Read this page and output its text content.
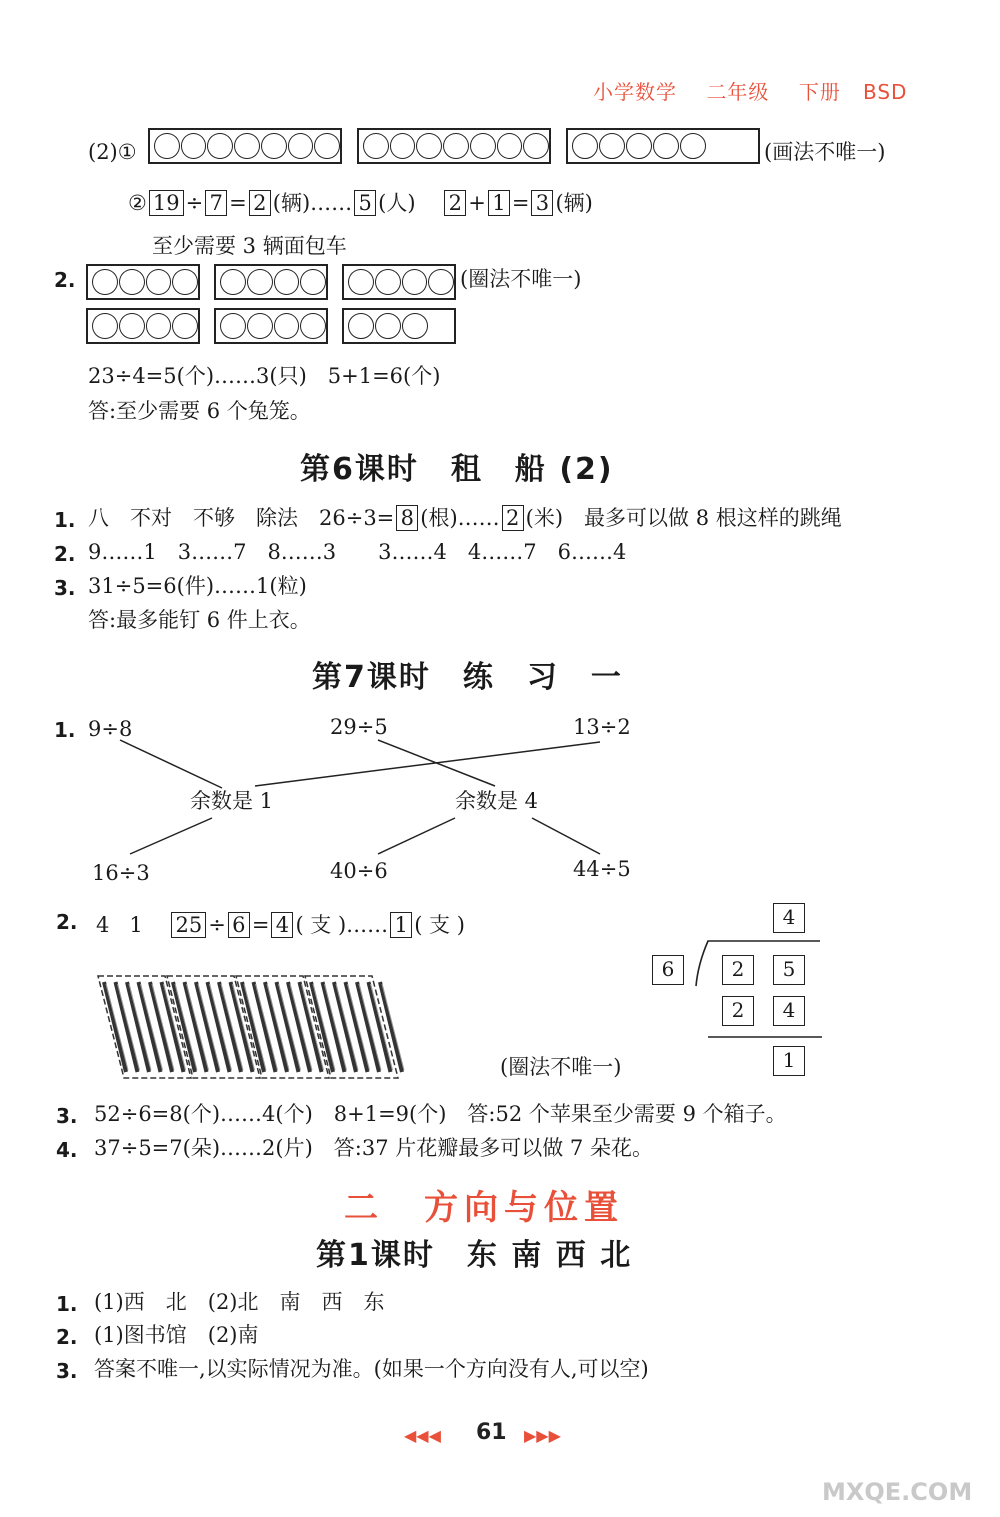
小学数学 二年级 下册 BSD
(2)①	(画法不唯一)
② 19 ÷ 7 = 2 (辆)…… 5 (人) 2 + 1 = 3 (辆)
至少需要 3 辆面包车
2.	(圈法不唯一)
23÷4=5(个)……3(只)　5+1=6(个)
答:至少需要 6 个兔笼。
第6课时　租　船 (2)
1. 八　不对　不够　除法　26÷3= 8 (根)…… 2 (米)　最多可以做 8 根这样的跳绳
2. 9……1　3……7　8……3　　3……4　4……7　6……4
3. 31÷5=6(件)……1(粒)
答:最多能钉 6 件上衣。
第7课时　练　习　一
1. 9÷8	29÷5	13÷2
余数是 1	余数是 4
16÷3	40÷6	44÷5
2. 4 1 25 ÷ 6 = 4 ( 支 )…… 1 ( 支 )
(圈法不唯一)
4
6	2	5
2	4
1
3. 52÷6=8(个)……4(个)　8+1=9(个)　答:52 个苹果至少需要 9 个箱子。
4. 37÷5=7(朵)……2(片)　答:37 片花瓣最多可以做 7 朵花。
二　方向与位置
第1课时　东 南 西 北
1. (1)西　北　(2)北　南　西　东
2. (1)图书馆　(2)南
3. 答案不唯一,以实际情况为准。(如果一个方向没有人,可以空)
◀◀◀ 61 ▶▶▶
MXQE.COM
